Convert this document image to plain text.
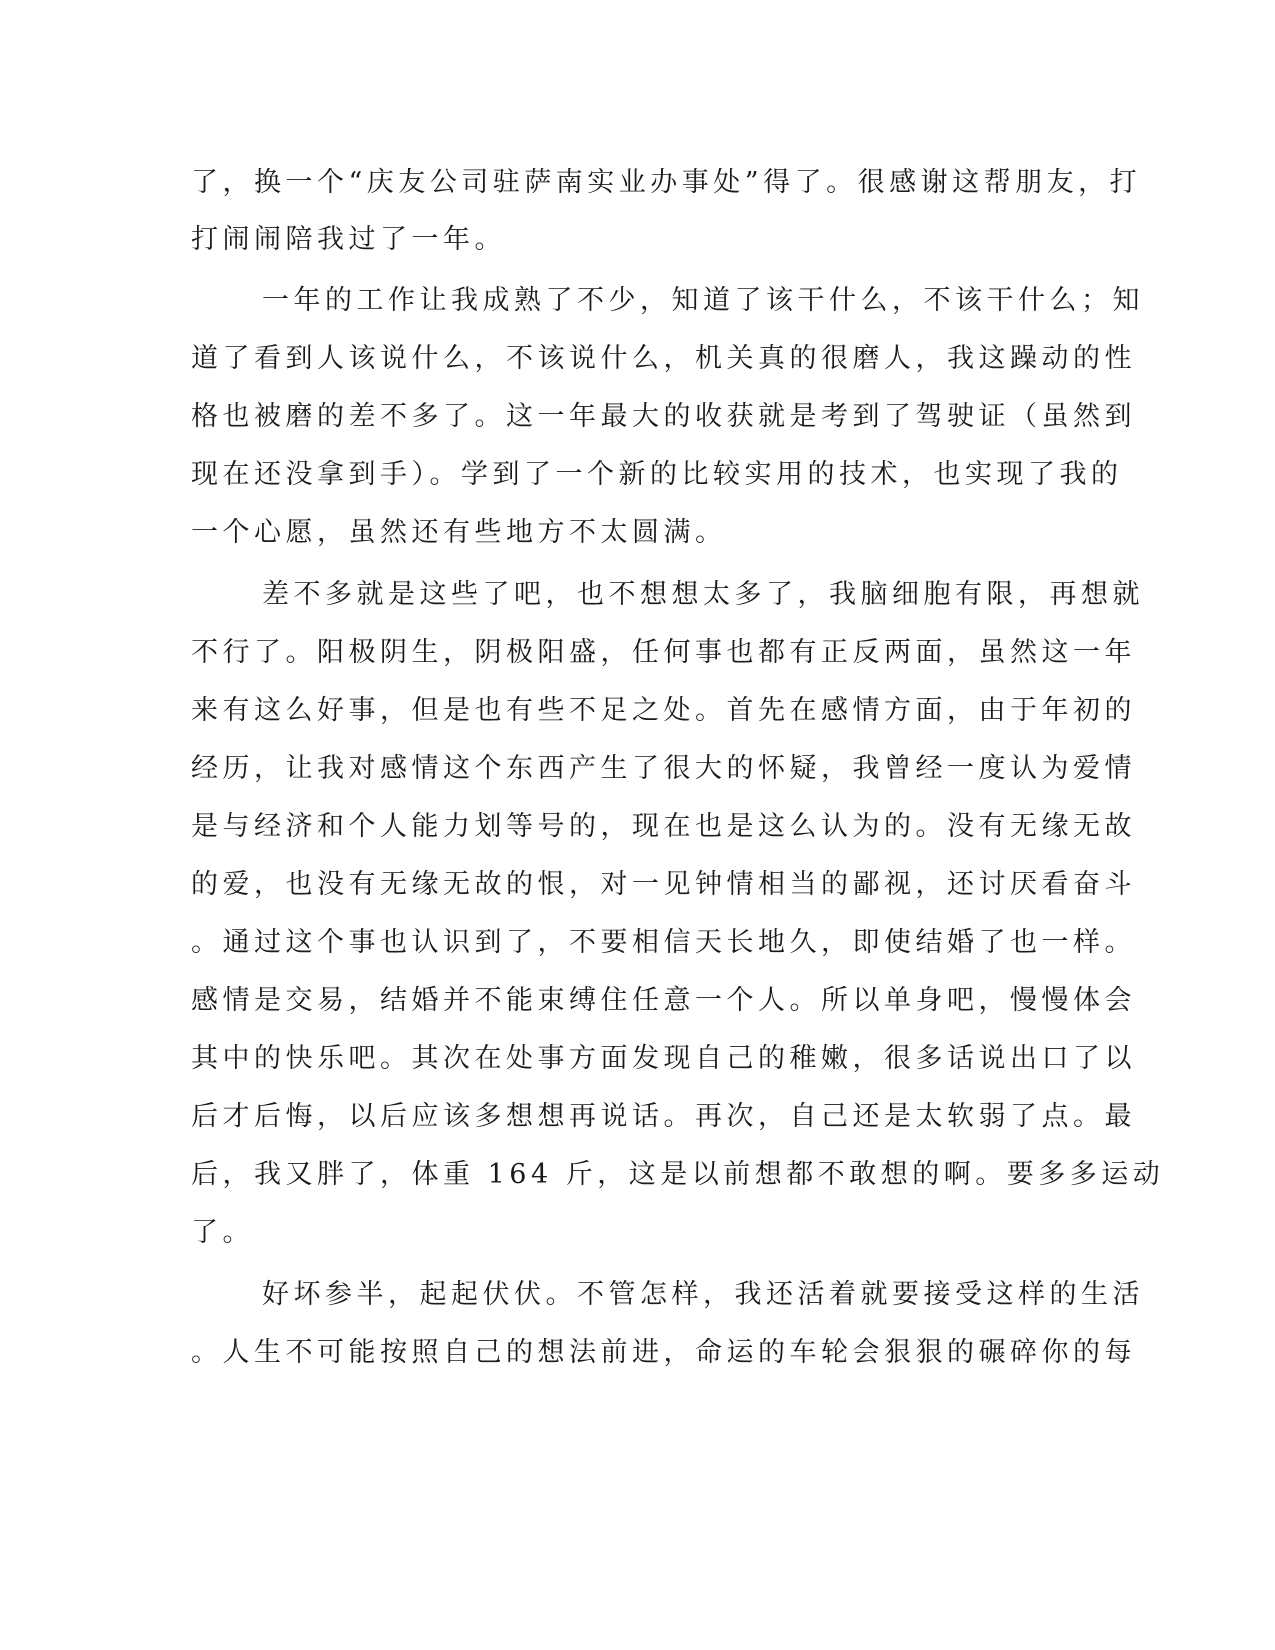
了，换一个“庆友公司驻萨南实业办事处”得了。很感谢这帮朋友，打
打闹闹陪我过了一年。
一年的工作让我成熟了不少，知道了该干什么，不该干什么；知
道了看到人该说什么，不该说什么，机关真的很磨人，我这躁动的性
格也被磨的差不多了。这一年最大的收获就是考到了驾驶证（虽然到
现在还没拿到手）。学到了一个新的比较实用的技术，也实现了我的
一个心愿，虽然还有些地方不太圆满。
差不多就是这些了吧，也不想想太多了，我脑细胞有限，再想就
不行了。阳极阴生，阴极阳盛，任何事也都有正反两面，虽然这一年
来有这么好事，但是也有些不足之处。首先在感情方面，由于年初的
经历，让我对感情这个东西产生了很大的怀疑，我曾经一度认为爱情
是与经济和个人能力划等号的，现在也是这么认为的。没有无缘无故
的爱，也没有无缘无故的恨，对一见钟情相当的鄙视，还讨厌看奋斗
。通过这个事也认识到了，不要相信天长地久，即使结婚了也一样。
感情是交易，结婚并不能束缚住任意一个人。所以单身吧，慢慢体会
其中的快乐吧。其次在处事方面发现自己的稚嫩，很多话说出口了以
后才后悔，以后应该多想想再说话。再次，自己还是太软弱了点。最
后，我又胖了，体重 164 斤，这是以前想都不敢想的啊。要多多运动
了。
好坏参半，起起伏伏。不管怎样，我还活着就要接受这样的生活
。人生不可能按照自己的想法前进，命运的车轮会狠狠的碾碎你的每
